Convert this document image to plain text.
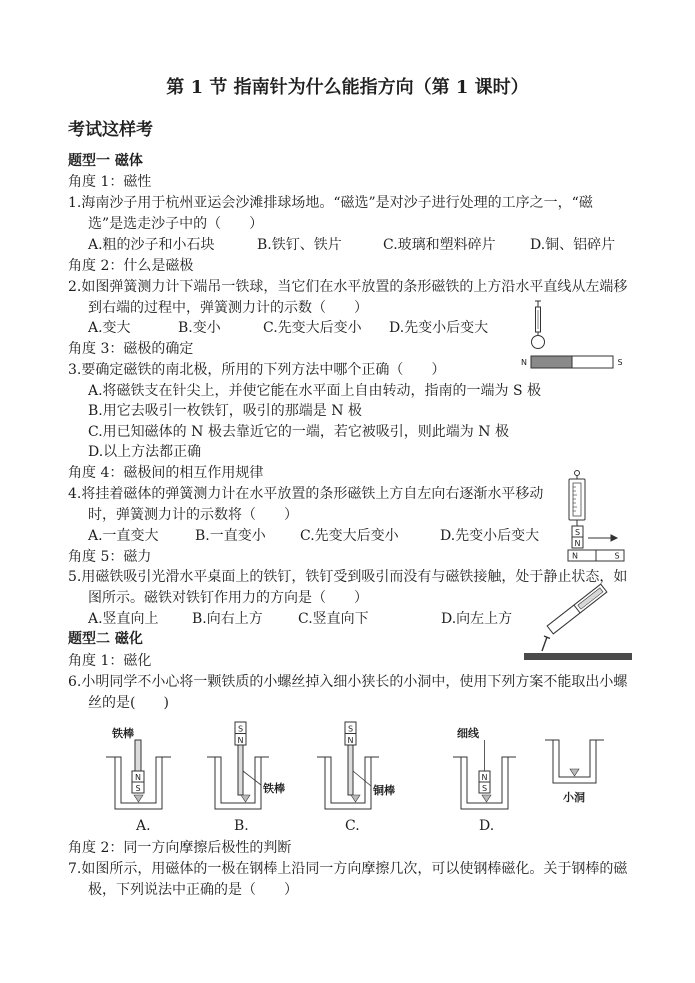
第 1 节 指南针为什么能指方向（第 1 课时）
考试这样考
题型一 磁体
角度 1：磁性
1.海南沙子用于杭州亚运会沙滩排球场地。“磁选”是对沙子进行处理的工序之一，“磁
选”是选走沙子中的（　　）
A.粗的沙子和小石块	B.铁钉、铁片	C.玻璃和塑料碎片 D.铜、铝碎片
角度 2：什么是磁极
2.如图弹簧测力计下端吊一铁球，当它们在水平放置的条形磁铁的上方沿水平直线从左端移
到右端的过程中，弹簧测力计的示数（　　）
A.变大	B.变小	C.先变大后变小 D.先变小后变大
角度 3：磁极的确定
3.要确定磁铁的南北极，所用的下列方法中哪个正确（　　）
A.将磁铁支在针尖上，并使它能在水平面上自由转动，指南的一端为 S 极
B.用它去吸引一枚铁钉，吸引的那端是 N 极
C.用已知磁体的 N 极去靠近它的一端，若它被吸引，则此端为 N 极
D.以上方法都正确
角度 4：磁极间的相互作用规律
4.将挂着磁体的弹簧测力计在水平放置的条形磁铁上方自左向右逐渐水平移动
时，弹簧测力计的示数将（　　）
A.一直变大	B.一直变小 C.先变大后变小	D.先变小后变大
角度 5：磁力
5.用磁铁吸引光滑水平桌面上的铁钉，铁钉受到吸引而没有与磁铁接触，处于静止状态，如
图所示。磁铁对铁钉作用力的方向是（　　）
A.竖直向上 B.向右上方	C.竖直向下	D.向左上方
题型二 磁化
角度 1：磁化
6.小明同学不小心将一颗铁质的小螺丝掉入细小狭长的小洞中，使用下列方案不能取出小螺
丝的是(　　)
A.	B.	C.	D.
角度 2：同一方向摩擦后极性的判断
7.如图所示，用磁体的一极在钢棒上沿同一方向摩擦几次，可以使钢棒磁化。关于钢棒的磁
极，下列说法中正确的是（　　）
N	S
S
N
N	S
铁棒
N
S
S
N
铁棒
S
N
铜棒
细线
N
S
小洞
